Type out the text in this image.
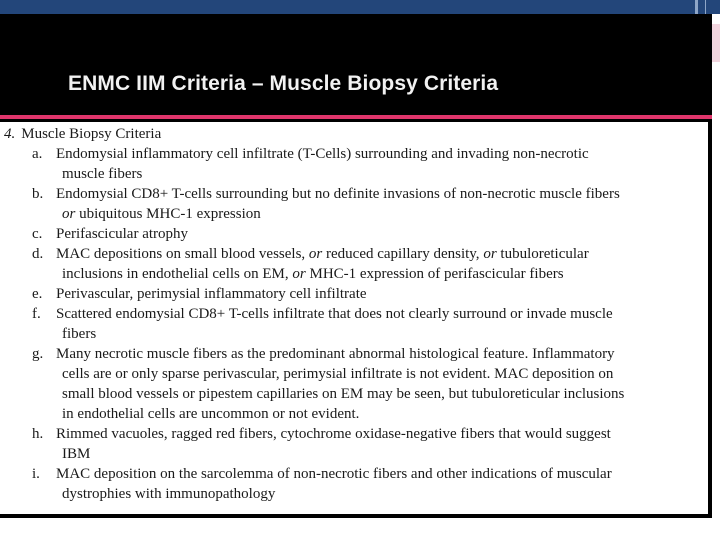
ENMC IIM Criteria – Muscle Biopsy Criteria
4. Muscle Biopsy Criteria
a. Endomysial inflammatory cell infiltrate (T-Cells) surrounding and invading non-necrotic
muscle fibers
b. Endomysial CD8+ T-cells surrounding but no definite invasions of non-necrotic muscle fibers
or ubiquitous MHC-1 expression
c. Perifascicular atrophy
d. MAC depositions on small blood vessels, or reduced capillary density, or tubuloreticular
inclusions in endothelial cells on EM, or MHC-1 expression of perifascicular fibers
e. Perivascular, perimysial inflammatory cell infiltrate
f. Scattered endomysial CD8+ T-cells infiltrate that does not clearly surround or invade muscle
fibers
g. Many necrotic muscle fibers as the predominant abnormal histological feature. Inflammatory
cells are or only sparse perivascular, perimysial infiltrate is not evident. MAC deposition on
small blood vessels or pipestem capillaries on EM may be seen, but tubuloreticular inclusions
in endothelial cells are uncommon or not evident.
h. Rimmed vacuoles, ragged red fibers, cytochrome oxidase-negative fibers that would suggest
IBM
i. MAC deposition on the sarcolemma of non-necrotic fibers and other indications of muscular
dystrophies with immunopathology
